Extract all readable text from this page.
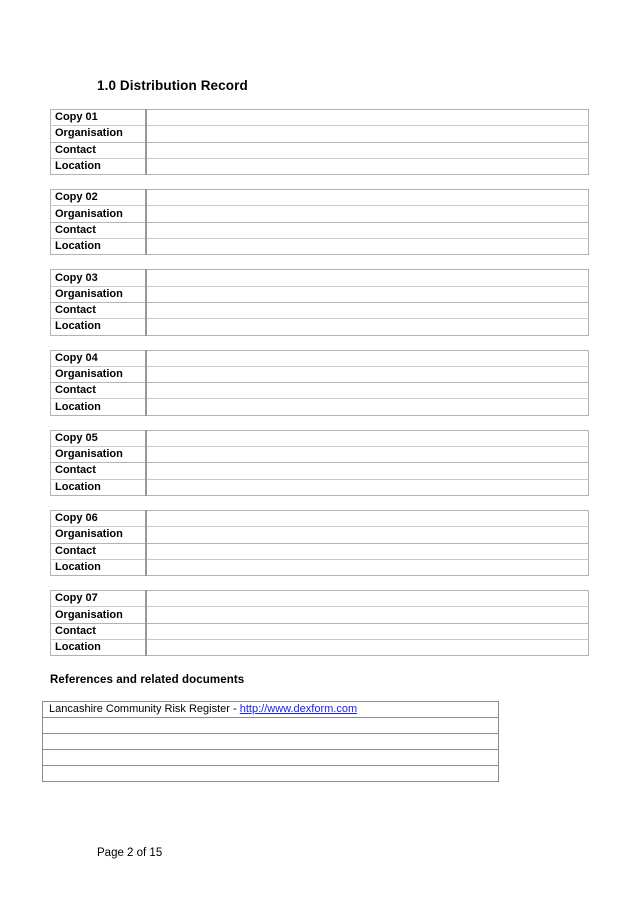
1.0 Distribution Record
Copy 01	
Organisation	
Contact	
Location	
Copy 02	
Organisation	
Contact	
Location	
Copy 03	
Organisation	
Contact	
Location	
Copy 04	
Organisation	
Contact	
Location	
Copy 05	
Organisation	
Contact	
Location	
Copy 06	
Organisation	
Contact	
Location	
Copy 07	
Organisation	
Contact	
Location	
References and related documents
Lancashire Community Risk Register - http://www.dexform.com

Page 2 of 15
